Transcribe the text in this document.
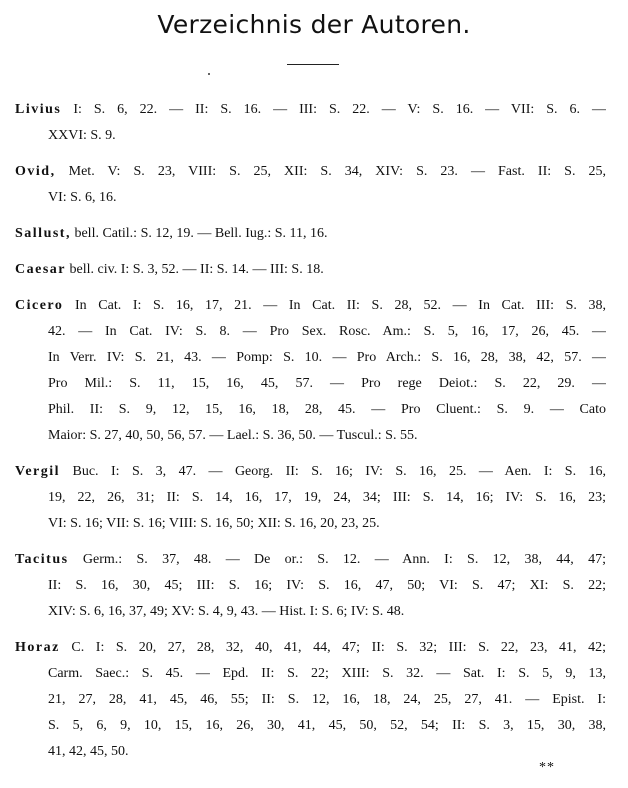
Verzeichnis der Autoren.
Livius I: S. 6, 22. — II: S. 16. — III: S. 22. — V: S. 16. — VII: S. 6. —
XXVI: S. 9.
Ovid, Met. V: S. 23, VIII: S. 25, XII: S. 34, XIV: S. 23. — Fast. II: S. 25,
VI: S. 6, 16.
Sallust, bell. Catil.: S. 12, 19. — Bell. Iug.: S. 11, 16.
Caesar bell. civ. I: S. 3, 52. — II: S. 14. — III: S. 18.
Cicero In Cat. I: S. 16, 17, 21. — In Cat. II: S. 28, 52. — In Cat. III: S. 38,
42. — In Cat. IV: S. 8. — Pro Sex. Rosc. Am.: S. 5, 16, 17, 26, 45. —
In Verr. IV: S. 21, 43. — Pomp: S. 10. — Pro Arch.: S. 16, 28, 38, 42, 57. —
Pro Mil.: S. 11, 15, 16, 45, 57. — Pro rege Deiot.: S. 22, 29. —
Phil. II: S. 9, 12, 15, 16, 18, 28, 45. — Pro Cluent.: S. 9. — Cato
Maior: S. 27, 40, 50, 56, 57. — Lael.: S. 36, 50. — Tuscul.: S. 55.
Vergil Buc. I: S. 3, 47. — Georg. II: S. 16; IV: S. 16, 25. — Aen. I: S. 16,
19, 22, 26, 31; II: S. 14, 16, 17, 19, 24, 34; III: S. 14, 16; IV: S. 16, 23;
VI: S. 16; VII: S. 16; VIII: S. 16, 50; XII: S. 16, 20, 23, 25.
Tacitus Germ.: S. 37, 48. — De or.: S. 12. — Ann. I: S. 12, 38, 44, 47;
II: S. 16, 30, 45; III: S. 16; IV: S. 16, 47, 50; VI: S. 47; XI: S. 22;
XIV: S. 6, 16, 37, 49; XV: S. 4, 9, 43. — Hist. I: S. 6; IV: S. 48.
Horaz C. I: S. 20, 27, 28, 32, 40, 41, 44, 47; II: S. 32; III: S. 22, 23, 41, 42;
Carm. Saec.: S. 45. — Epd. II: S. 22; XIII: S. 32. — Sat. I: S. 5, 9, 13,
21, 27, 28, 41, 45, 46, 55; II: S. 12, 16, 18, 24, 25, 27, 41. — Epist. I:
S. 5, 6, 9, 10, 15, 16, 26, 30, 41, 45, 50, 52, 54; II: S. 3, 15, 30, 38,
41, 42, 45, 50.
**
